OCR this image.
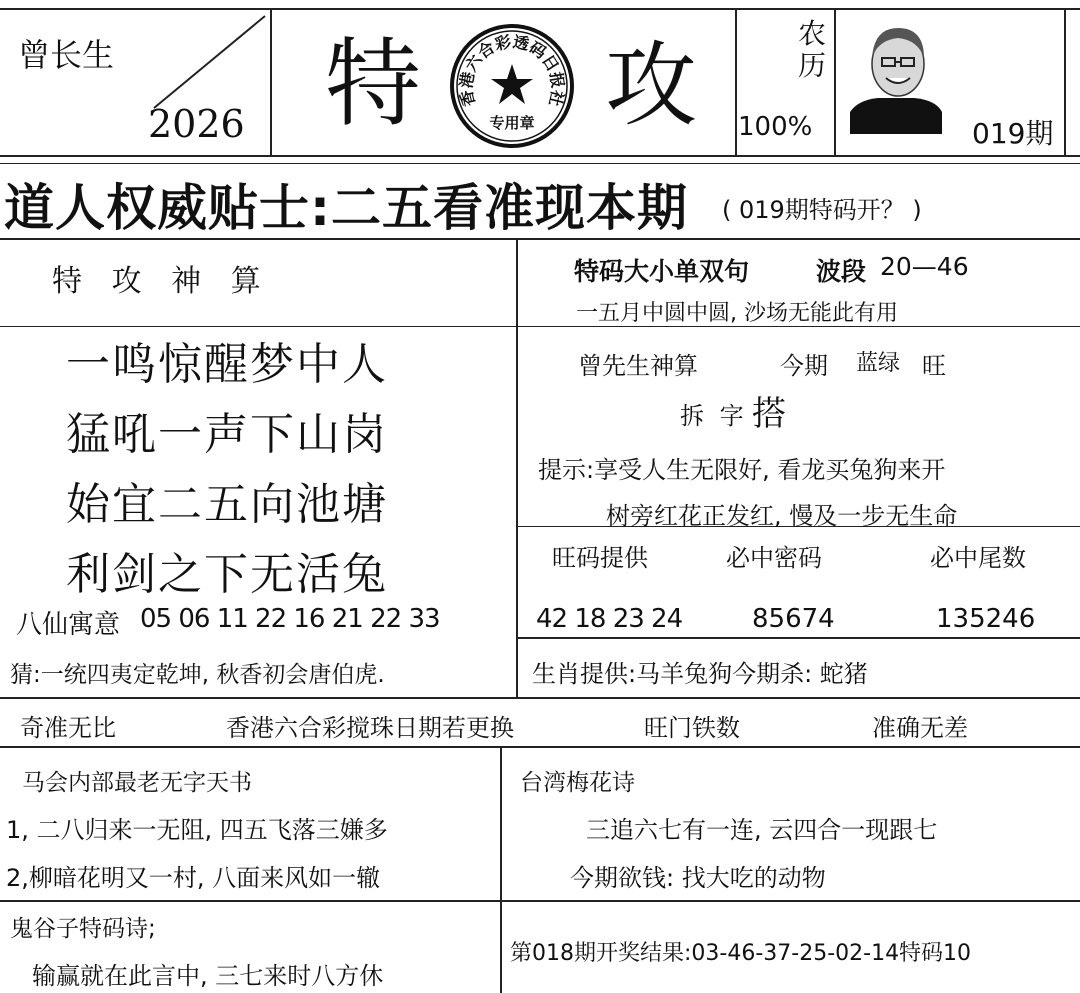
曾长生
2026 特 攻
香港六合彩透码日报社
专用章
农历
100%	019期
道人权威贴士:二五看准现本期 ( 019期特码开？ )
特 攻 神 算
一鸣惊醒梦中人
猛吼一声下山岗
始宜二五向池塘
利剑之下无活兔
八仙寓意 05 06 11 22 16 21 22 33
猜:一统四夷定乾坤, 秋香初会唐伯虎.
特码大小单双句	波段 20—46
一五月中圆中圆, 沙场无能此有用
曾先生神算	今期 蓝绿 旺
拆 字 搭
提示:享受人生无限好, 看龙买兔狗来开
树旁红花正发红, 慢及一步无生命
旺码提供	必中密码	必中尾数
42 18 23 24	85674	135246
生肖提供:马羊兔狗今期杀: 蛇猪
奇准无比	香港六合彩搅珠日期若更换	旺门铁数	准确无差
马会内部最老无字天书
1, 二八归来一无阻, 四五飞落三嫌多
2,柳暗花明又一村, 八面来风如一辙
台湾梅花诗
三追六七有一连, 云四合一现跟七
今期欲钱: 找大吃的动物
鬼谷子特码诗;
输赢就在此言中, 三七来时八方休
第018期开奖结果:03-46-37-25-02-14特码10
